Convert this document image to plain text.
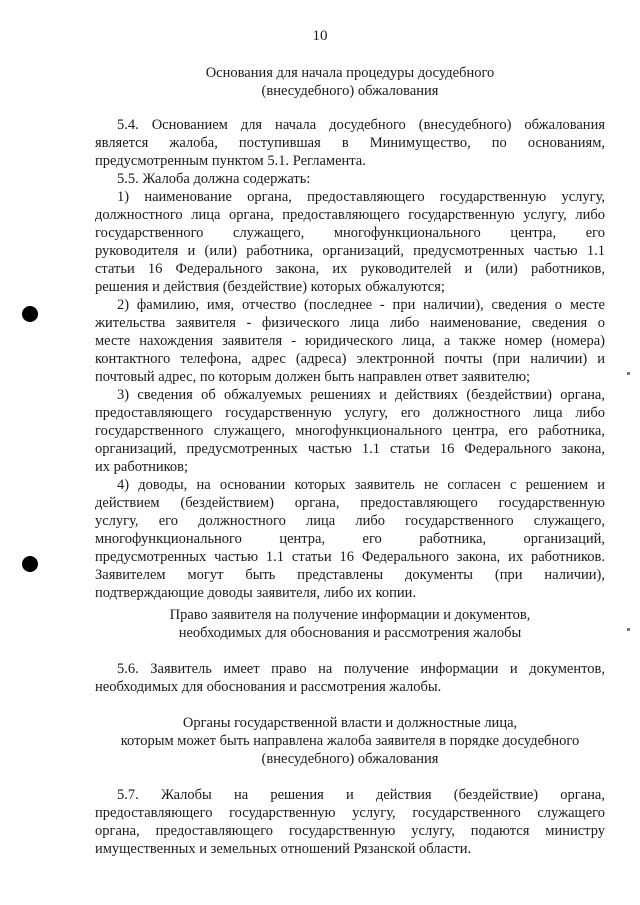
10
Основания для начала процедуры досудебного
(внесудебного) обжалования
5.4. Основанием для начала досудебного (внесудебного) обжалования
является жалоба, поступившая в Минимущество, по основаниям,
предусмотренным пунктом 5.1. Регламента.
5.5. Жалоба должна содержать:
1) наименование органа, предоставляющего государственную услугу,
должностного лица органа, предоставляющего государственную услугу, либо
государственного служащего, многофункционального центра, его
руководителя и (или) работника, организаций, предусмотренных частью 1.1
статьи 16 Федерального закона, их руководителей и (или) работников,
решения и действия (бездействие) которых обжалуются;
2) фамилию, имя, отчество (последнее - при наличии), сведения о месте
жительства заявителя - физического лица либо наименование, сведения о
месте нахождения заявителя - юридического лица, а также номер (номера)
контактного телефона, адрес (адреса) электронной почты (при наличии) и
почтовый адрес, по которым должен быть направлен ответ заявителю;
3) сведения об обжалуемых решениях и действиях (бездействии) органа,
предоставляющего государственную услугу, его должностного лица либо
государственного служащего, многофункционального центра, его работника,
организаций, предусмотренных частью 1.1 статьи 16 Федерального закона,
их работников;
4) доводы, на основании которых заявитель не согласен с решением и
действием (бездействием) органа, предоставляющего государственную
услугу, его должностного лица либо государственного служащего,
многофункционального центра, его работника, организаций,
предусмотренных частью 1.1 статьи 16 Федерального закона, их работников.
Заявителем могут быть представлены документы (при наличии),
подтверждающие доводы заявителя, либо их копии.
Право заявителя на получение информации и документов,
необходимых для обоснования и рассмотрения жалобы
5.6. Заявитель имеет право на получение информации и документов,
необходимых для обоснования и рассмотрения жалобы.
Органы государственной власти и должностные лица,
которым может быть направлена жалоба заявителя в порядке досудебного
(внесудебного) обжалования
5.7. Жалобы на решения и действия (бездействие) органа,
предоставляющего государственную услугу, государственного служащего
органа, предоставляющего государственную услугу, подаются министру
имущественных и земельных отношений Рязанской области.
